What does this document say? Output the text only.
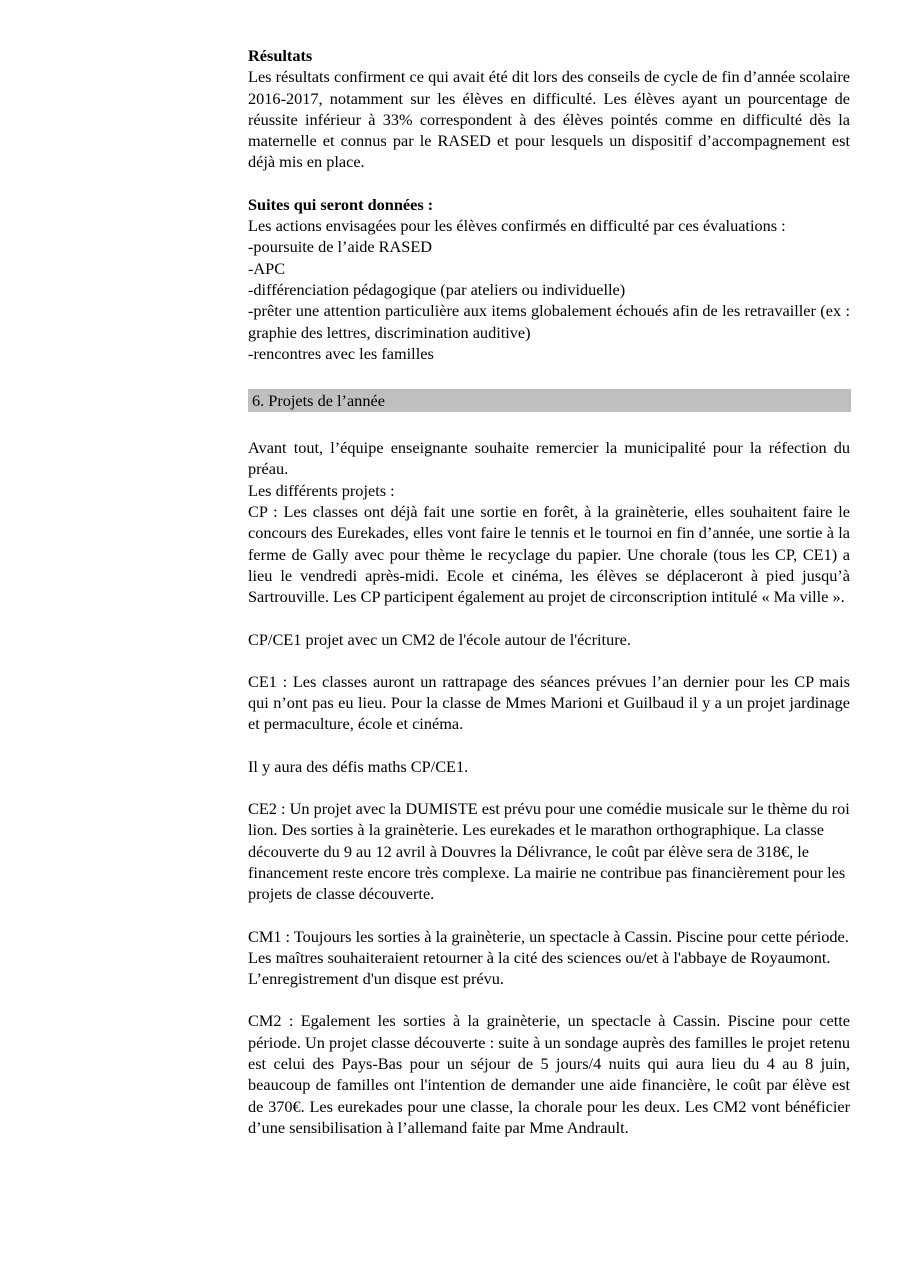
Résultats

Les résultats confirment ce qui avait été dit lors des conseils de cycle de fin d’année scolaire 2016-2017, notamment sur les élèves en difficulté. Les élèves ayant un pourcentage de réussite inférieur à 33% correspondent à des élèves pointés comme en difficulté dès la maternelle et connus par le RASED et pour lesquels un dispositif d’accompagnement est déjà mis en place.

Suites qui seront données :

Les actions envisagées pour les élèves confirmés en difficulté par ces évaluations :

-poursuite de l’aide RASED

-APC

-différenciation pédagogique (par ateliers ou individuelle)

-prêter une attention particulière aux items globalement échoués afin de les retravailler (ex : graphie des lettres, discrimination auditive)

-rencontres avec les familles

6. Projets de l’année

Avant tout, l’équipe enseignante souhaite remercier la municipalité pour la réfection du préau.

Les différents projets :

CP : Les classes ont déjà fait une sortie en forêt, à la grainèterie, elles souhaitent faire le concours des Eurekades, elles vont faire le tennis et le tournoi en fin d’année, une sortie à la ferme de Gally avec pour thème le recyclage du papier. Une chorale (tous les CP, CE1) a lieu le vendredi après-midi. Ecole et cinéma, les élèves se déplaceront à pied jusqu’à Sartrouville. Les CP participent également au projet de circonscription intitulé « Ma ville ».

CP/CE1 projet avec un CM2 de l'école autour de l'écriture.

CE1 : Les classes auront un rattrapage des séances prévues l’an dernier pour les CP mais qui n’ont pas eu lieu. Pour la classe de Mmes Marioni et Guilbaud il y a un projet jardinage et permaculture, école et cinéma.

Il y aura des défis maths CP/CE1.

CE2 : Un projet avec la DUMISTE est prévu pour une comédie musicale sur le thème du roi lion. Des sorties à la grainèterie. Les eurekades et le marathon orthographique. La classe découverte du 9 au 12 avril à Douvres la Délivrance, le coût par élève sera de 318€, le financement reste encore très complexe. La mairie ne contribue pas financièrement pour les projets de classe découverte.

CM1 : Toujours les sorties à la grainèterie, un spectacle à Cassin. Piscine pour cette période. Les maîtres souhaiteraient retourner à la cité des sciences ou/et à l'abbaye de Royaumont. L’enregistrement d'un disque est prévu.

CM2 : Egalement les sorties à la grainèterie, un spectacle à Cassin. Piscine pour cette période. Un projet classe découverte : suite à un sondage auprès des familles le projet retenu est celui des Pays-Bas pour un séjour de 5 jours/4 nuits qui aura lieu du 4 au 8 juin, beaucoup de familles ont l'intention de demander une aide financière, le coût par élève est de 370€. Les eurekades pour une classe, la chorale pour les deux. Les CM2 vont bénéficier d’une sensibilisation à l’allemand faite par Mme Andrault.
